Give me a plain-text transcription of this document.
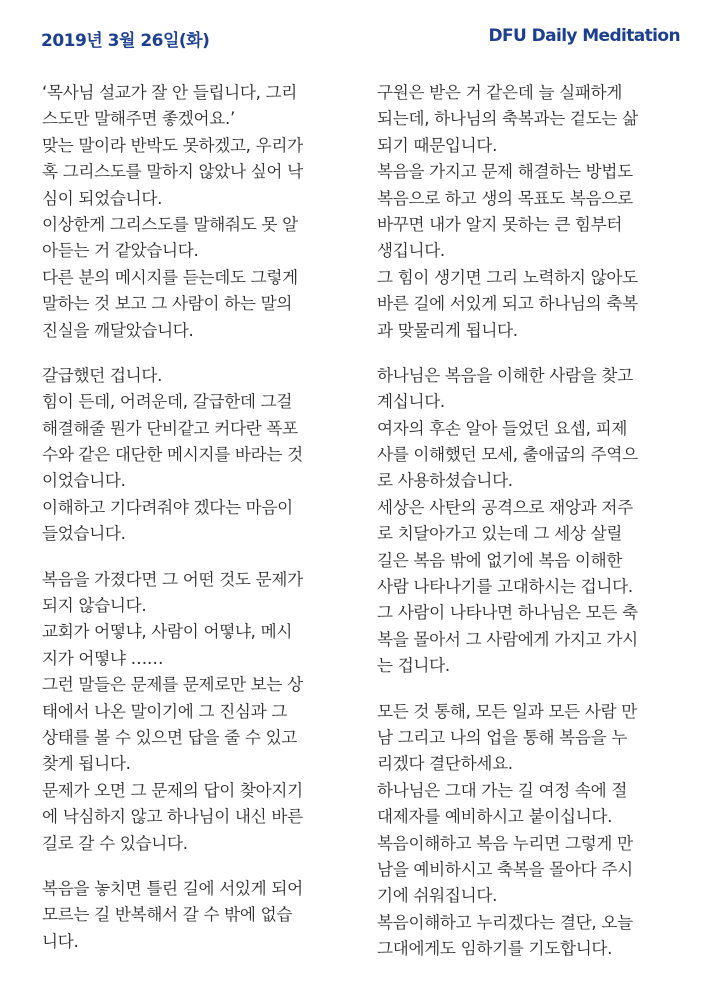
2019년 3월 26일(화)	DFU Daily Meditation
‘목사님 설교가 잘 안 들립니다, 그리
스도만 말해주면 좋겠어요.’
맞는 말이라 반박도 못하겠고, 우리가
혹 그리스도를 말하지 않았나 싶어 낙
심이 되었습니다.
이상한게 그리스도를 말해줘도 못 알
아듣는 거 같았습니다.
다른 분의 메시지를 듣는데도 그렇게
말하는 것 보고 그 사람이 하는 말의
진실을 깨달았습니다.
갈급했던 겁니다.
힘이 든데, 어려운데, 갈급한데 그걸
해결해줄 뭔가 단비같고 커다란 폭포
수와 같은 대단한 메시지를 바라는 것
이었습니다.
이해하고 기다려줘야 겠다는 마음이
들었습니다.
복음을 가졌다면 그 어떤 것도 문제가
되지 않습니다.
교회가 어떻냐, 사람이 어떻냐, 메시
지가 어떻냐 ……
그런 말들은 문제를 문제로만 보는 상
태에서 나온 말이기에 그 진심과 그
상태를 볼 수 있으면 답을 줄 수 있고
찾게 됩니다.
문제가 오면 그 문제의 답이 찾아지기
에 낙심하지 않고 하나님이 내신 바른
길로 갈 수 있습니다.
복음을 놓치면 틀린 길에 서있게 되어
모르는 길 반복해서 갈 수 밖에 없습
니다.
구원은 받은 거 같은데 늘 실패하게
되는데, 하나님의 축복과는 겉도는 삶
되기 때문입니다.
복음을 가지고 문제 해결하는 방법도
복음으로 하고 생의 목표도 복음으로
바꾸면 내가 알지 못하는 큰 힘부터
생깁니다.
그 힘이 생기면 그리 노력하지 않아도
바른 길에 서있게 되고 하나님의 축복
과 맞물리게 됩니다.
하나님은 복음을 이해한 사람을 찾고
계십니다.
여자의 후손 알아 들었던 요셉, 피제
사를 이해했던 모세, 출애굽의 주역으
로 사용하셨습니다.
세상은 사탄의 공격으로 재앙과 저주
로 치달아가고 있는데 그 세상 살릴
길은 복음 밖에 없기에 복음 이해한
사람 나타나기를 고대하시는 겁니다.
그 사람이 나타나면 하나님은 모든 축
복을 몰아서 그 사람에게 가지고 가시
는 겁니다.
모든 것 통해, 모든 일과 모든 사람 만
남 그리고 나의 업을 통해 복음을 누
리겠다 결단하세요.
하나님은 그대 가는 길 여정 속에 절
대제자를 예비하시고 붙이십니다.
복음이해하고 복음 누리면 그렇게 만
남을 예비하시고 축복을 몰아다 주시
기에 쉬워집니다.
복음이해하고 누리겠다는 결단, 오늘
그대에게도 임하기를 기도합니다.
